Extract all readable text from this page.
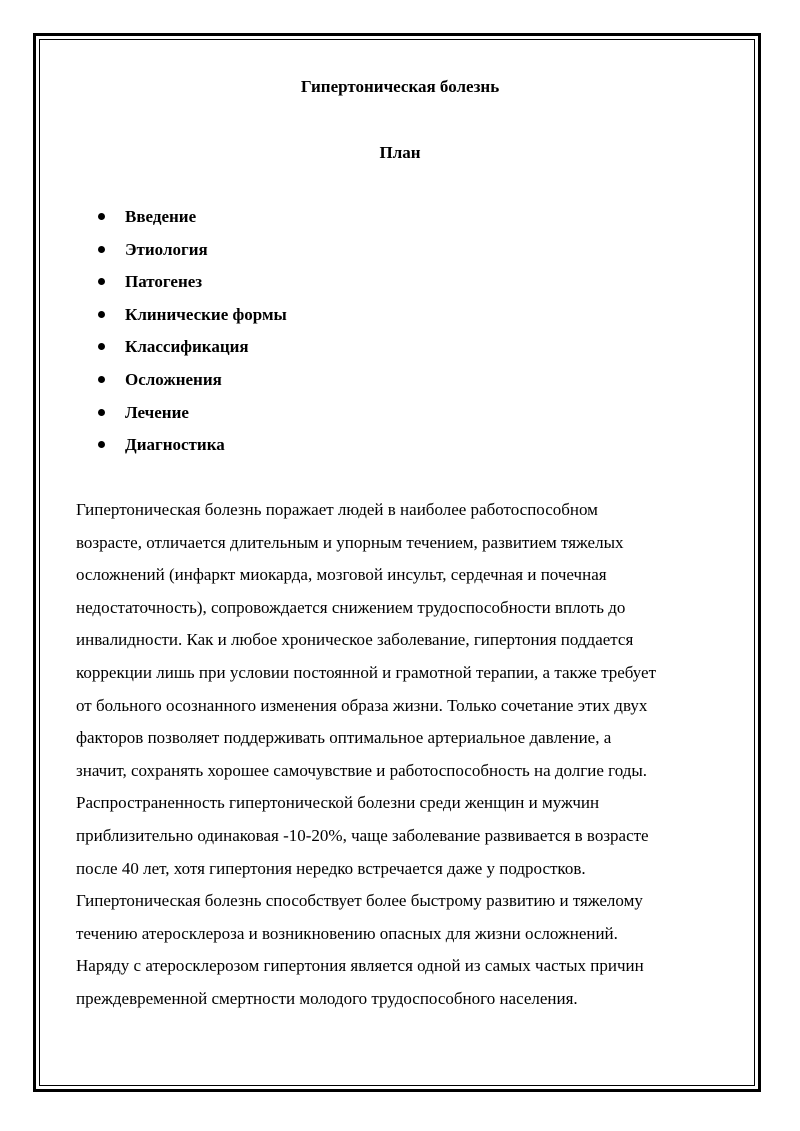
Гипертоническая болезнь
План
Введение
Этиология
Патогенез
Клинические формы
Классификация
Осложнения
Лечение
Диагностика
Гипертоническая болезнь поражает людей в наиболее работоспособном
возрасте, отличается длительным и упорным течением, развитием тяжелых
осложнений (инфаркт миокарда, мозговой инсульт, сердечная и почечная
недостаточность), сопровождается снижением трудоспособности вплоть до
инвалидности. Как и любое хроническое заболевание, гипертония поддается
коррекции лишь при условии постоянной и грамотной терапии, а также требует
от больного осознанного изменения образа жизни. Только сочетание этих двух
факторов позволяет поддерживать оптимальное артериальное давление, а
значит, сохранять хорошее самочувствие и работоспособность на долгие годы.
Распространенность гипертонической болезни среди женщин и мужчин
приблизительно одинаковая -10-20%, чаще заболевание развивается в возрасте
после 40 лет, хотя гипертония нередко встречается даже у подростков.
Гипертоническая болезнь способствует более быстрому развитию и тяжелому
течению атеросклероза и возникновению опасных для жизни осложнений.
Наряду с атеросклерозом гипертония является одной из самых частых причин
преждевременной смертности молодого трудоспособного населения.
